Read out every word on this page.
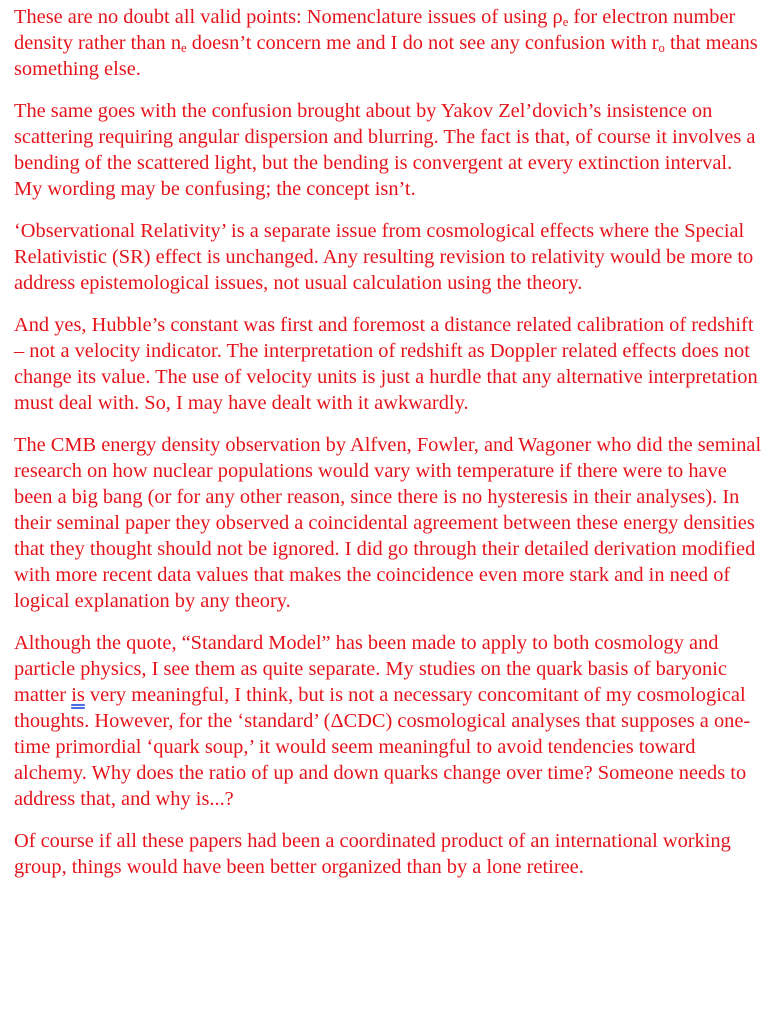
These are no doubt all valid points: Nomenclature issues of using $\rho_e$ for electron number density rather than $n_e$ doesn’t concern me and I do not see any confusion with $r_o$ that means something else.

The same goes with the confusion brought about by Yakov Zel’dovich’s insistence on scattering requiring angular dispersion and blurring. The fact is that, of course it involves a bending of the scattered light, but the bending is convergent at every extinction interval. My wording may be confusing; the concept isn’t.

‘Observational Relativity’ is a separate issue from cosmological effects where the Special Relativistic (SR) effect is unchanged. Any resulting revision to relativity would be more to address epistemological issues, not usual calculation using the theory.

And yes, Hubble’s constant was first and foremost a distance related calibration of redshift – not a velocity indicator. The interpretation of redshift as Doppler related effects does not change its value. The use of velocity units is just a hurdle that any alternative interpretation must deal with. So, I may have dealt with it awkwardly.

The CMB energy density observation by Alfven, Fowler, and Wagoner who did the seminal research on how nuclear populations would vary with temperature if there were to have been a big bang (or for any other reason, since there is no hysteresis in their analyses). In their seminal paper they observed a coincidental agreement between these energy densities that they thought should not be ignored. I did go through their detailed derivation modified with more recent data values that makes the coincidence even more stark and in need of logical explanation by any theory.

Although the quote, “Standard Model” has been made to apply to both cosmology and particle physics, I see them as quite separate. My studies on the quark basis of baryonic matter is very meaningful, I think, but is not a necessary concomitant of my cosmological thoughts. However, for the ‘standard’ (ΔCDC) cosmological analyses that supposes a one-time primordial ‘quark soup,’ it would seem meaningful to avoid tendencies toward alchemy. Why does the ratio of up and down quarks change over time? Someone needs to address that, and why is...?

Of course if all these papers had been a coordinated product of an international working group, things would have been better organized than by a lone retiree.
